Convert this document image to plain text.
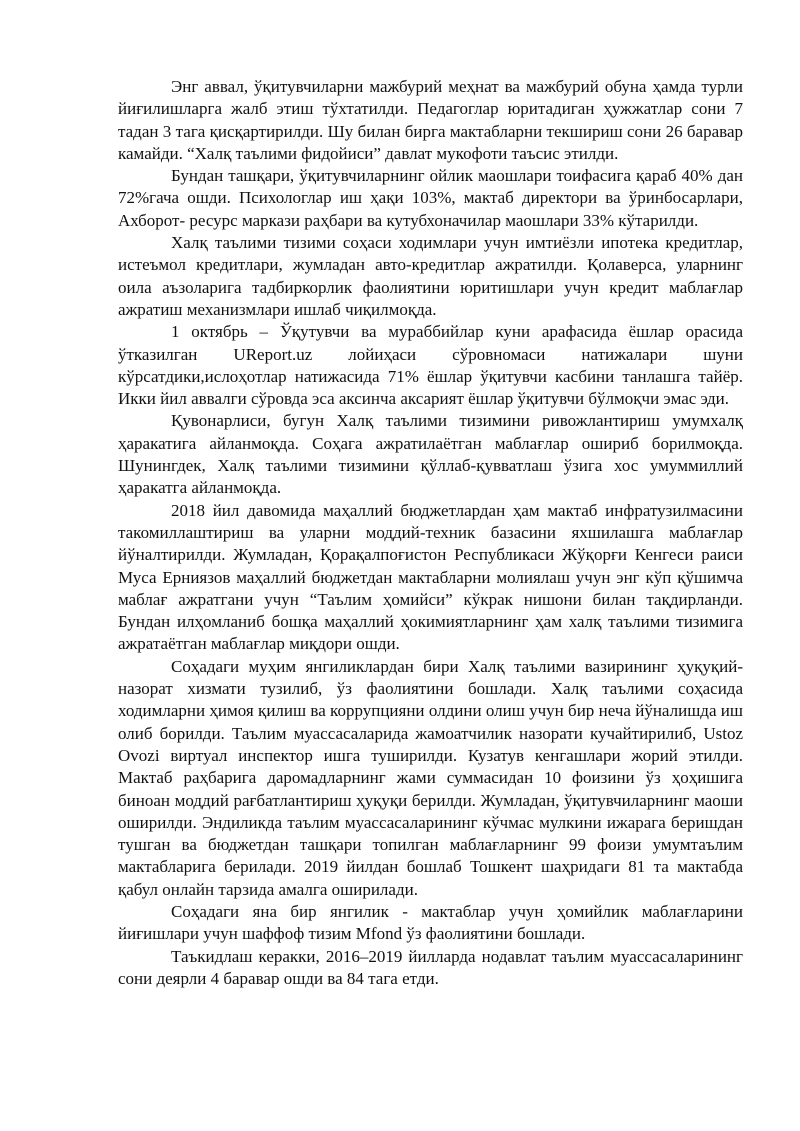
Энг аввал, ўқитувчиларни мажбурий меҳнат ва мажбурий обуна ҳамда турли йиғилишларга жалб этиш тўхтатилди. Педагоглар юритадиган ҳужжатлар сони 7 тадан 3 тага қисқартирилди. Шу билан бирга мактабларни текшириш сони 26 баравар камайди. “Халқ таълими фидойиси” давлат мукофоти таъсис этилди.

Бундан ташқари, ўқитувчиларнинг ойлик маошлари тоифасига қараб 40% дан 72%гача ошди. Психологлар иш ҳақи 103%, мактаб директори ва ўринбосарлари, Ахборот- ресурс маркази раҳбари ва кутубхоначилар маошлари 33% кўтарилди.

Халқ таълими тизими соҳаси ходимлари учун имтиёзли ипотека кредитлар, истеъмол кредитлари, жумладан авто-кредитлар ажратилди. Қолаверса, уларнинг оила аъзоларига тадбиркорлик фаолиятини юритишлари учун кредит маблағлар ажратиш механизмлари ишлаб чиқилмоқда.

1 октябрь – Ўқутувчи ва мураббийлар куни арафасида ёшлар орасида ўтказилган UReport.uz лойиҳаси сўровномаси натижалари шуни кўрсатдики,ислоҳотлар натижасида 71% ёшлар ўқитувчи касбини танлашга тайёр. Икки йил аввалги сўровда эса аксинча аксарият ёшлар ўқитувчи бўлмоқчи эмас эди.

Қувонарлиси, бугун Халқ таълими тизимини ривожлантириш умумхалқ ҳаракатига айланмоқда. Соҳага ажратилаётган маблағлар ошириб борилмоқда. Шунингдек, Халқ таълими тизимини қўллаб-қувватлаш ўзига хос умуммиллий ҳаракатга айланмоқда.

2018 йил давомида маҳаллий бюджетлардан ҳам мактаб инфратузилмасини такомиллаштириш ва уларни моддий-техник базасини яхшилашга маблағлар йўналтирилди. Жумладан, Қорақалпоғистон Республикаси Жўқорғи Кенгеси раиси Муса Ерниязов маҳаллий бюджетдан мактабларни молиялаш учун энг кўп қўшимча маблағ ажратгани учун “Таълим ҳомийси” кўкрак нишони билан тақдирланди. Бундан илҳомланиб бошқа маҳаллий ҳокимиятларнинг ҳам халқ таълими тизимига ажратаётган маблағлар миқдори ошди.

Соҳадаги муҳим янгиликлардан бири Халқ таълими вазирининг ҳуқуқий-назорат хизмати тузилиб, ўз фаолиятини бошлади. Халқ таълими соҳасида ходимларни ҳимоя қилиш ва коррупцияни олдини олиш учун бир неча йўналишда иш олиб борилди. Таълим муассасаларида жамоатчилик назорати кучайтирилиб, Ustoz Ovozi виртуал инспектор ишга туширилди. Кузатув кенгашлари жорий этилди. Мактаб раҳбарига даромадларнинг жами суммасидан 10 фоизини ўз ҳоҳишига биноан моддий рағбатлантириш ҳуқуқи берилди. Жумладан, ўқитувчиларнинг маоши оширилди. Эндиликда таълим муассасаларининг кўчмас мулкини ижарага беришдан тушган ва бюджетдан ташқари топилган маблағларнинг 99 фоизи умумтаълим мактабларига берилади. 2019 йилдан бошлаб Тошкент шаҳридаги 81 та мактабда қабул онлайн тарзида амалга оширилади.

Соҳадаги яна бир янгилик - мактаблар учун ҳомийлик маблағларини йиғишлари учун шаффоф тизим Mfond ўз фаолиятини бошлади.

Таъкидлаш керакки, 2016–2019 йилларда нодавлат таълим муассасаларининг сони деярли 4 баравар ошди ва 84 тага етди.
